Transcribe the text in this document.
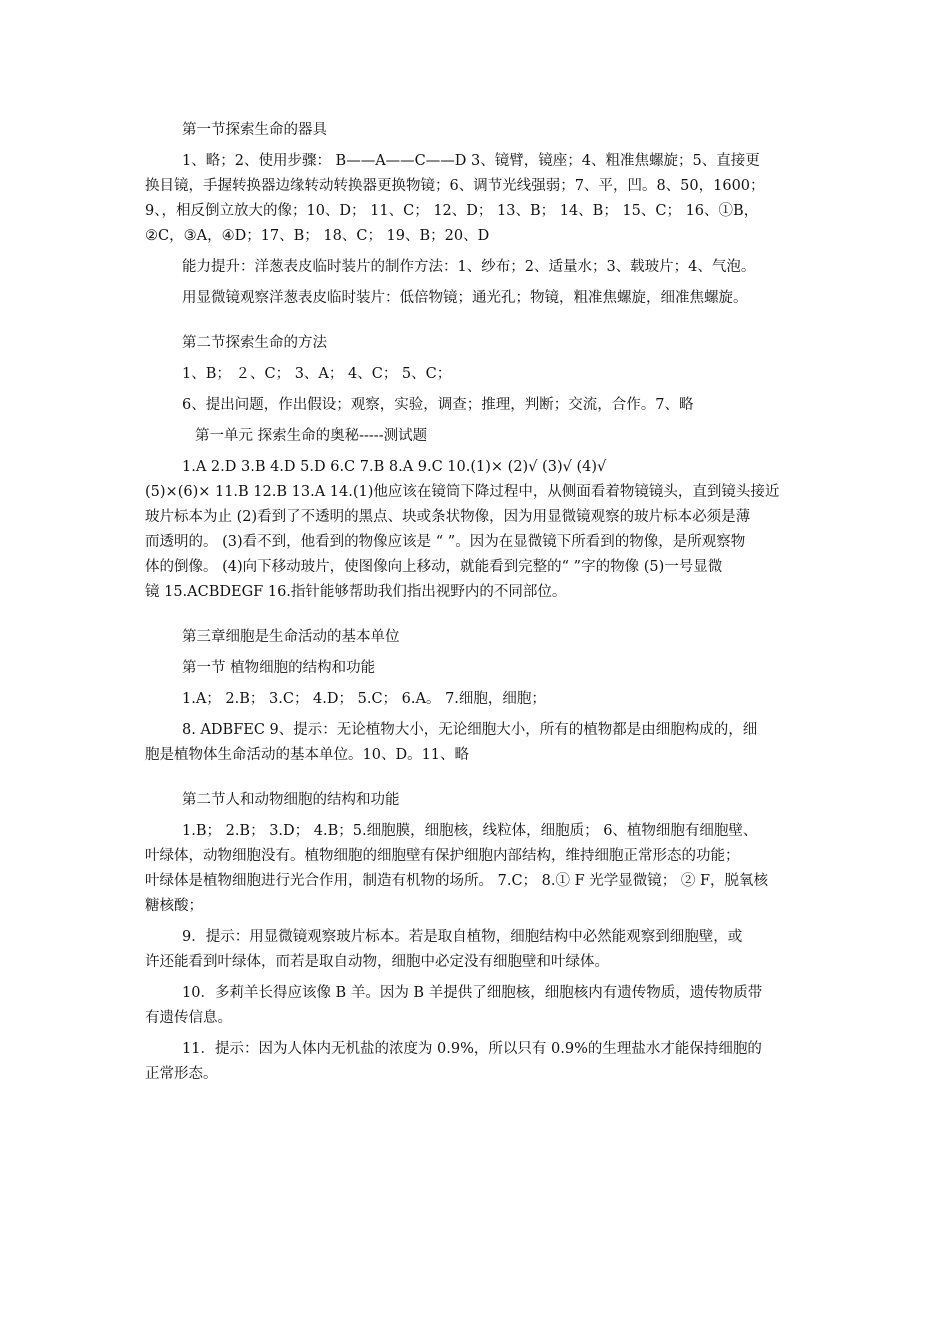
第一节探索生命的器具

1、略；2、使用步骤： B——A——C——D 3、镜臂，镜座；4、粗准焦螺旋；5、直接更

换目镜，手握转换器边缘转动转换器更换物镜；6、调节光线强弱；7、平，凹。8、50，1600；

9、，相反倒立放大的像；10、D； 11、C； 12、D； 13、B； 14、B； 15、C； 16、①B，

②C，③A，④D；17、B； 18、C； 19、B；20、D

能力提升：洋葱表皮临时装片的制作方法：1、纱布；2、适量水；3、载玻片；4、气泡。

用显微镜观察洋葱表皮临时装片：低倍物镜；通光孔；物镜，粗准焦螺旋，细准焦螺旋。

第二节探索生命的方法

1、B； ２、C； 3、A； 4、C； 5、C；

6、提出问题，作出假设；观察，实验，调查；推理，判断；交流，合作。7、略

第一单元 探索生命的奥秘-----测试题

1.A 2.D 3.B 4.D 5.D 6.C 7.B 8.A 9.C 10.(1)× (2)√ (3)√ (4)√

(5)×(6)× 11.B 12.B 13.A 14.(1)他应该在镜筒下降过程中，从侧面看着物镜镜头，直到镜头接近

玻片标本为止 (2)看到了不透明的黑点、块或条状物像，因为用显微镜观察的玻片标本必须是薄

而透明的。 (3)看不到，他看到的物像应该是 “ ”。因为在显微镜下所看到的物像，是所观察物

体的倒像。 (4)向下移动玻片，使图像向上移动，就能看到完整的“ ”字的物像 (5)一号显微

镜 15.ACBDEGF 16.指针能够帮助我们指出视野内的不同部位。

第三章细胞是生命活动的基本单位

第一节 植物细胞的结构和功能

1.A； 2.B； 3.C； 4.D； 5.C； 6.A。 7.细胞，细胞；

8. ADBFEC 9、提示：无论植物大小，无论细胞大小，所有的植物都是由细胞构成的，细

胞是植物体生命活动的基本单位。10、D。11、略

第二节人和动物细胞的结构和功能

1.B； 2.B； 3.D； 4.B；5.细胞膜，细胞核，线粒体，细胞质； 6、植物细胞有细胞壁、

叶绿体，动物细胞没有。植物细胞的细胞壁有保护细胞内部结构，维持细胞正常形态的功能；

叶绿体是植物细胞进行光合作用，制造有机物的场所。 7.C； 8.① F 光学显微镜； ② F，脱氧核

糖核酸；

9．提示：用显微镜观察玻片标本。若是取自植物，细胞结构中必然能观察到细胞壁，或

许还能看到叶绿体，而若是取自动物，细胞中必定没有细胞壁和叶绿体。

10．多莉羊长得应该像 B 羊。因为 B 羊提供了细胞核，细胞核内有遗传物质，遗传物质带

有遗传信息。

11．提示：因为人体内无机盐的浓度为 0.9%，所以只有 0.9%的生理盐水才能保持细胞的

正常形态。
